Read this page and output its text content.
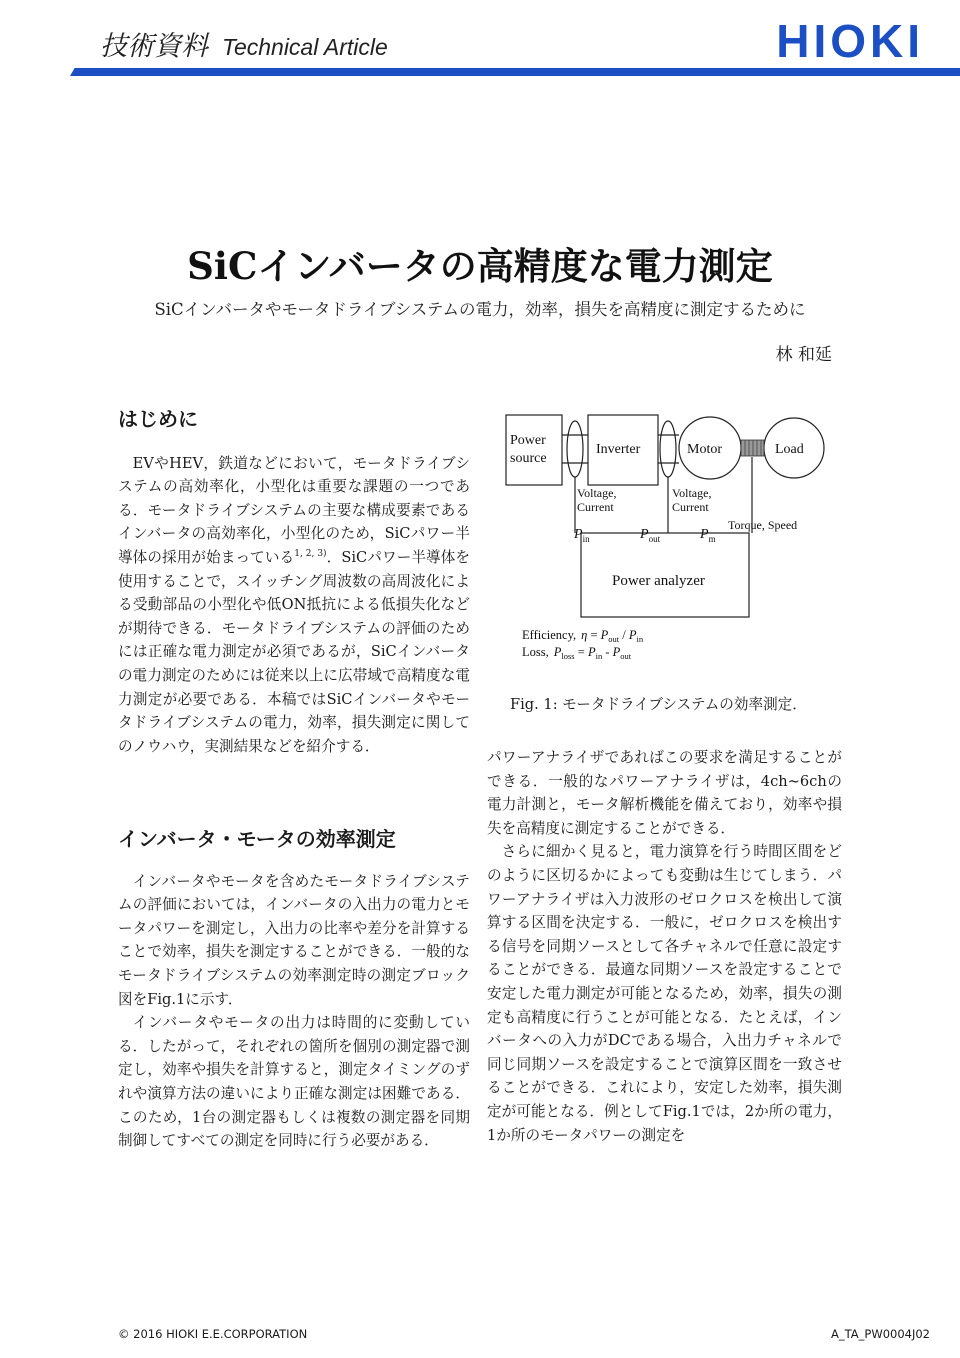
技術資料 Technical Article	HIOKI
SiCインバータの高精度な電力測定
SiCインバータやモータドライブシステムの電力，効率，損失を高精度に測定するために
林 和延
はじめに

EVやHEV，鉄道などにおいて，モータドライブシステムの高効率化，小型化は重要な課題の一つである．モータドライブシステムの主要な構成要素であるインバータの高効率化，小型化のため，SiCパワー半導体の採用が始まっている$^{1, 2, 3)}$．SiCパワー半導体を使用することで，スイッチング周波数の高周波化による受動部品の小型化や低ON抵抗による低損失化などが期待できる．モータドライブシステムの評価のためには正確な電力測定が必須であるが，SiCインバータの電力測定のためには従来以上に広帯域で高精度な電力測定が必要である．本稿ではSiCインバータやモータドライブシステムの電力，効率，損失測定に関してのノウハウ，実測結果などを紹介する．

インバータ・モータの効率測定

インバータやモータを含めたモータドライブシステムの評価においては，インバータの入出力の電力とモータパワーを測定し，入出力の比率や差分を計算することで効率，損失を測定することができる．一般的なモータドライブシステムの効率測定時の測定ブロック図をFig.1に示す．

インバータやモータの出力は時間的に変動している．したがって，それぞれの箇所を個別の測定器で測定し，効率や損失を計算すると，測定タイミングのずれや演算方法の違いにより正確な測定は困難である．このため，1台の測定器もしくは複数の測定器を同期制御してすべての測定を同時に行う必要がある．

Power
source
Inverter	Motor	Load
Voltage,
Current
Voltage,
Current
Torque, Speed
$P_{in}$	$P_{out}$	$P_m$
Power analyzer
Efficiency, $\eta = P_{out} / P_{in}$
Loss, $P_{loss} = P_{in} - P_{out}$
Fig. 1: モータドライブシステムの効率測定．

パワーアナライザであればこの要求を満足することができる．一般的なパワーアナライザは，4ch~6chの電力計測と，モータ解析機能を備えており，効率や損失を高精度に測定することができる．

さらに細かく見ると，電力演算を行う時間区間をどのように区切るかによっても変動は生じてしまう．パワーアナライザは入力波形のゼロクロスを検出して演算する区間を決定する．一般に，ゼロクロスを検出する信号を同期ソースとして各チャネルで任意に設定することができる．最適な同期ソースを設定することで安定した電力測定が可能となるため，効率，損失の測定も高精度に行うことが可能となる．たとえば，インバータへの入力がDCである場合，入出力チャネルで同じ同期ソースを設定することで演算区間を一致させることができる．これにより，安定した効率，損失測定が可能となる．例としてFig.1では，2か所の電力，1か所のモータパワーの測定を

© 2016 HIOKI E.E.CORPORATION	A_TA_PW0004J02
